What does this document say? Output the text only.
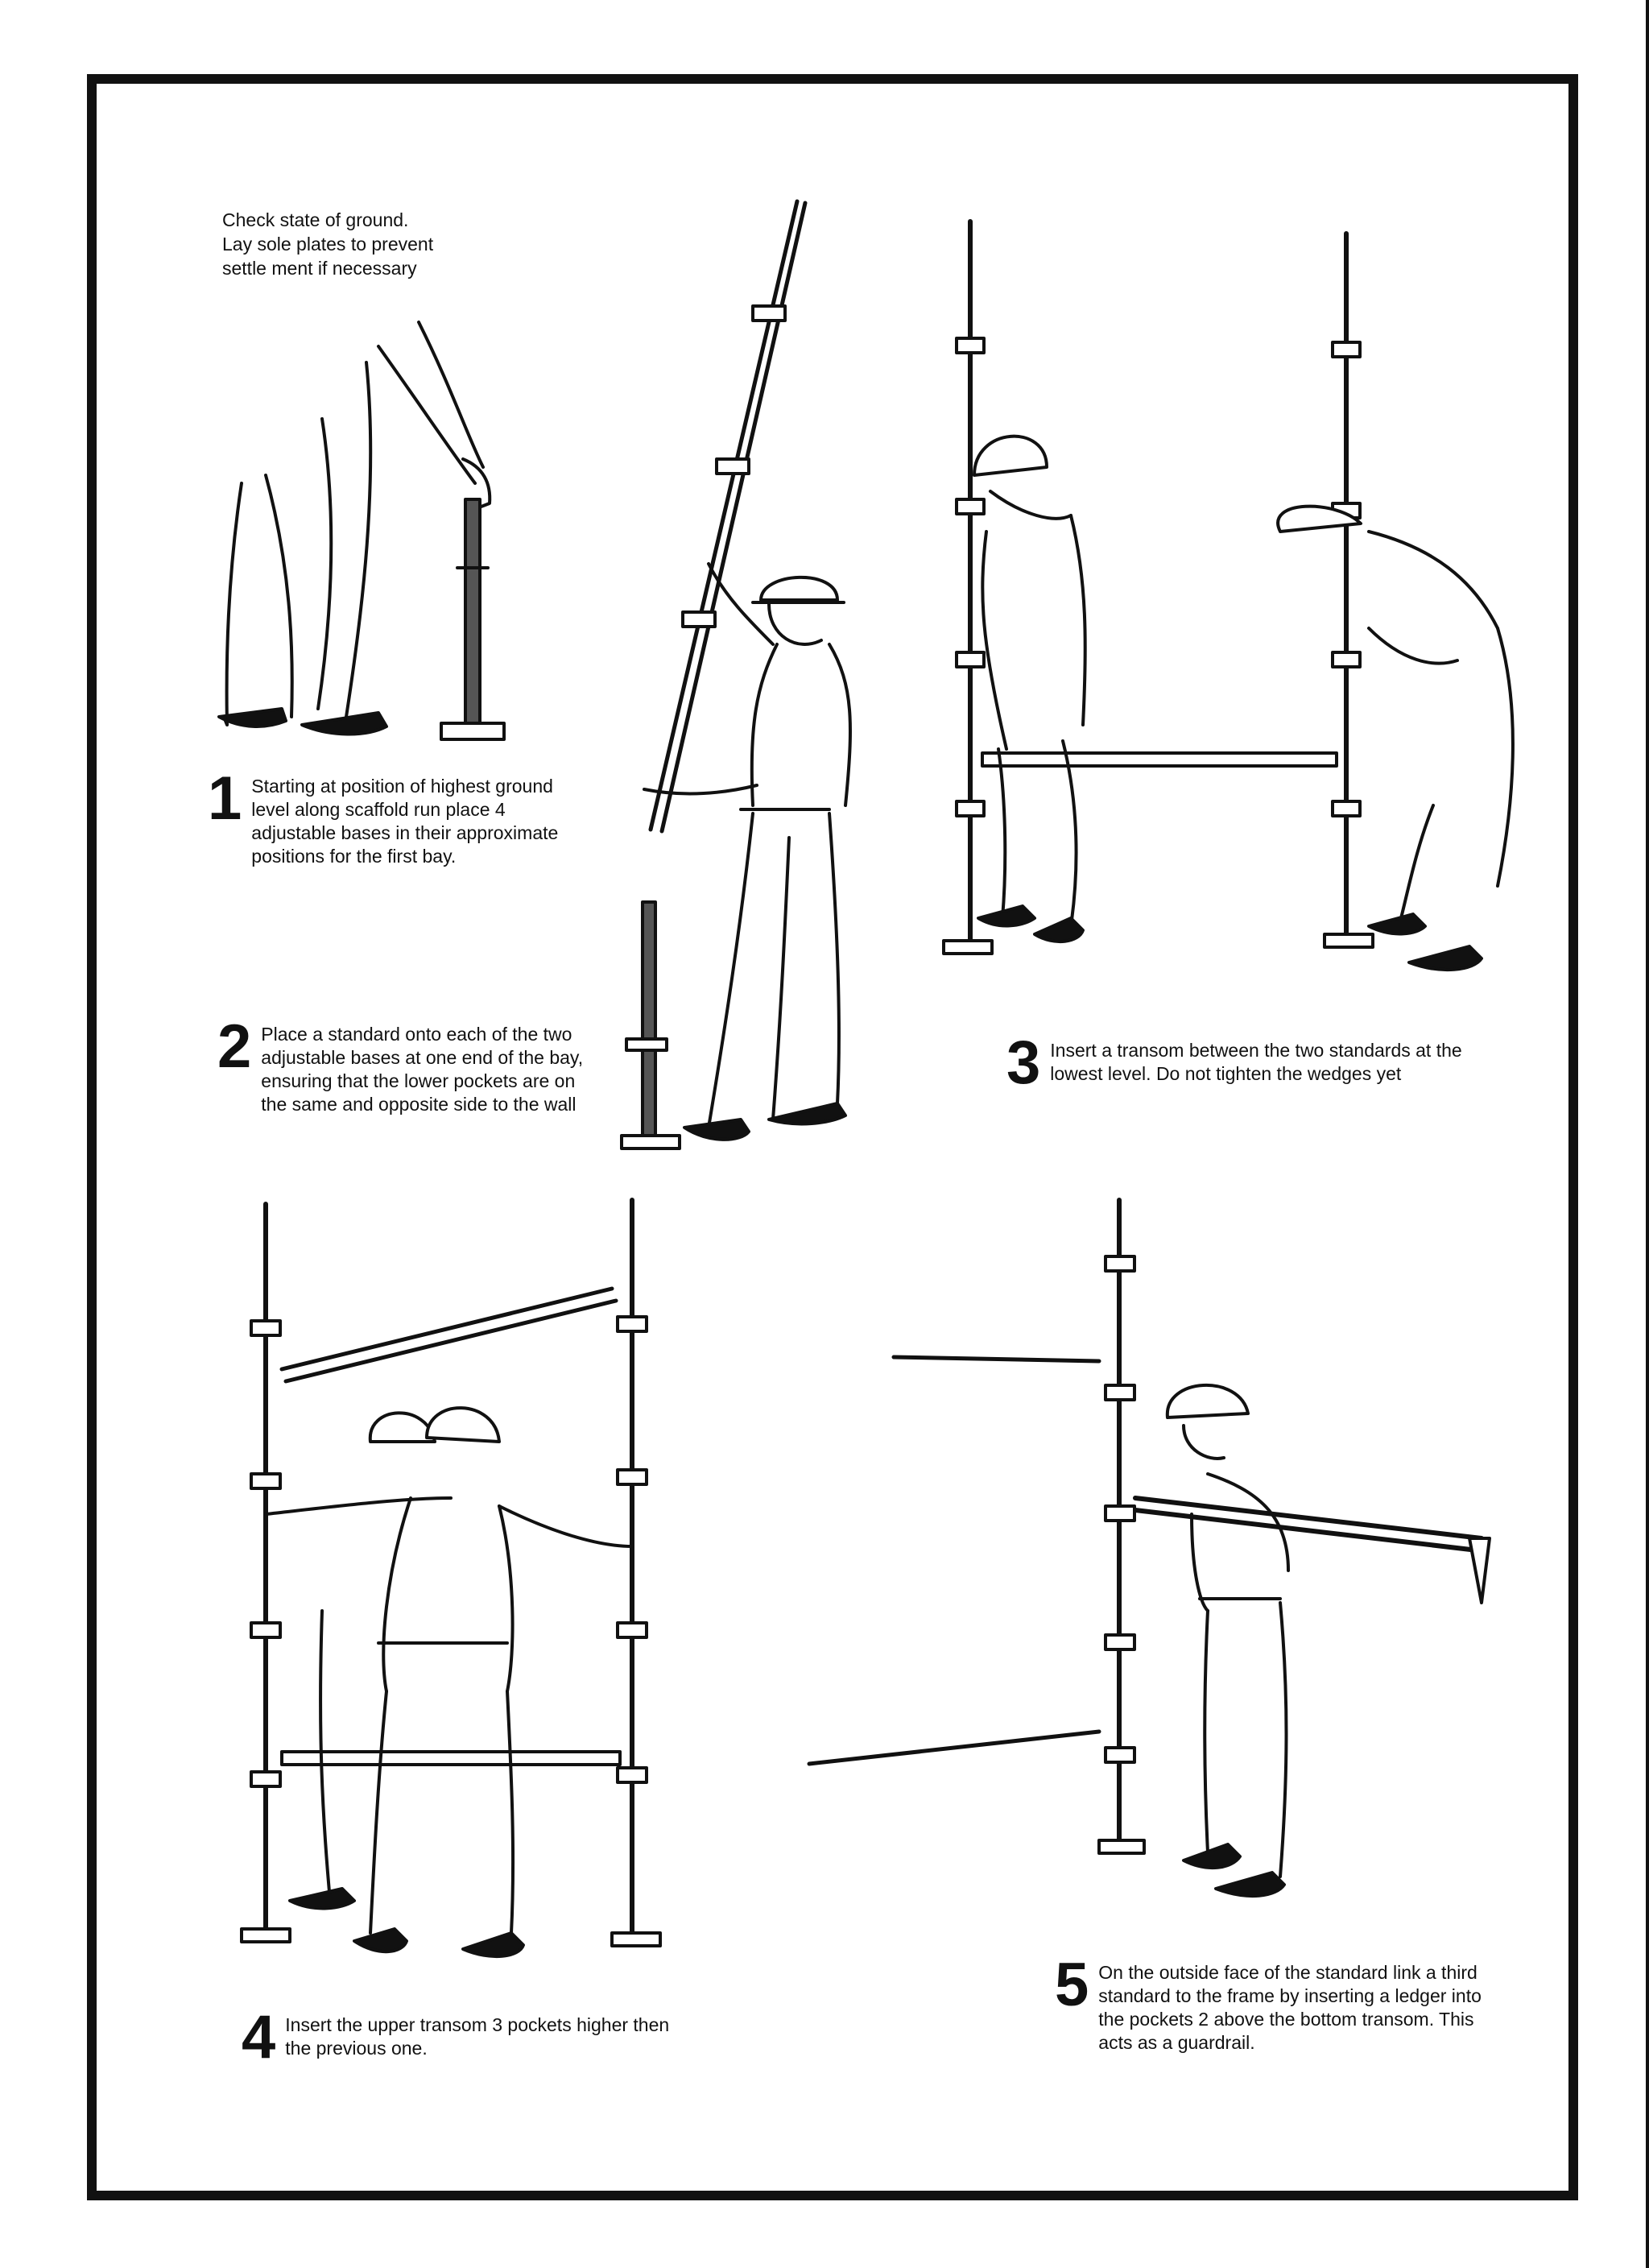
Check state of ground.
Lay sole plates to prevent
settle ment if necessary
1 Starting at position of highest ground level along scaffold run place 4 adjustable bases in their approximate positions for the first bay.
2 Place a standard onto each of the two adjustable bases at one end of the bay, ensuring that the lower pockets are on the same and opposite side to the wall
3 Insert a transom between the two standards at the lowest level. Do not tighten the wedges yet
4 Insert the upper transom 3 pockets higher then the previous one.
5 On the outside face of the standard link a third standard to the frame by inserting a ledger into the pockets 2 above the bottom transom. This acts as a guardrail.
